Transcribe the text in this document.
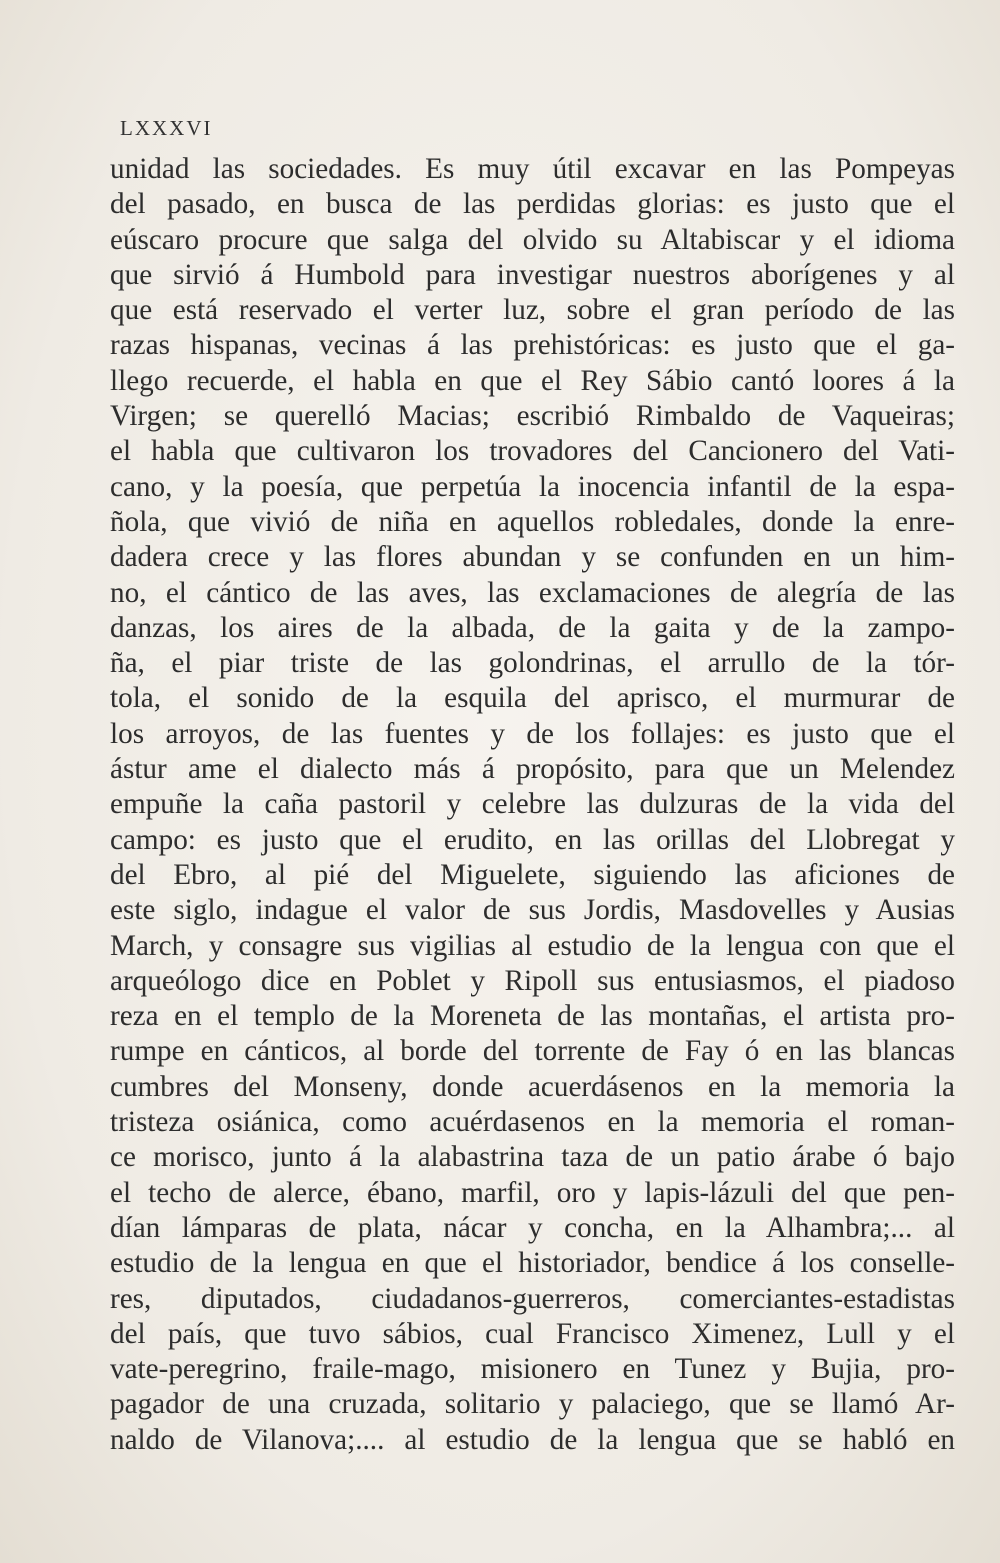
LXXXVI
unidad las sociedades. Es muy útil excavar en las Pompeyas
del pasado, en busca de las perdidas glorias: es justo que el
eúscaro procure que salga del olvido su Altabiscar y el idioma
que sirvió á Humbold para investigar nuestros aborígenes y al
que está reservado el verter luz, sobre el gran período de las
razas hispanas, vecinas á las prehistóricas: es justo que el ga-
llego recuerde, el habla en que el Rey Sábio cantó loores á la
Virgen; se querelló Macias; escribió Rimbaldo de Vaqueiras;
el habla que cultivaron los trovadores del Cancionero del Vati-
cano, y la poesía, que perpetúa la inocencia infantil de la espa-
ñola, que vivió de niña en aquellos robledales, donde la enre-
dadera crece y las flores abundan y se confunden en un him-
no, el cántico de las aves, las exclamaciones de alegría de las
danzas, los aires de la albada, de la gaita y de la zampo-
ña, el piar triste de las golondrinas, el arrullo de la tór-
tola, el sonido de la esquila del aprisco, el murmurar de
los arroyos, de las fuentes y de los follajes: es justo que el
ástur ame el dialecto más á propósito, para que un Melendez
empuñe la caña pastoril y celebre las dulzuras de la vida del
campo: es justo que el erudito, en las orillas del Llobregat y
del Ebro, al pié del Miguelete, siguiendo las aficiones de
este siglo, indague el valor de sus Jordis, Masdovelles y Ausias
March, y consagre sus vigilias al estudio de la lengua con que el
arqueólogo dice en Poblet y Ripoll sus entusiasmos, el piadoso
reza en el templo de la Moreneta de las montañas, el artista pro-
rumpe en cánticos, al borde del torrente de Fay ó en las blancas
cumbres del Monseny, donde acuerdásenos en la memoria la
tristeza osiánica, como acuérdasenos en la memoria el roman-
ce morisco, junto á la alabastrina taza de un patio árabe ó bajo
el techo de alerce, ébano, marfil, oro y lapis-lázuli del que pen-
dían lámparas de plata, nácar y concha, en la Alhambra;... al
estudio de la lengua en que el historiador, bendice á los conselle-
res, diputados, ciudadanos-guerreros, comerciantes-estadistas
del país, que tuvo sábios, cual Francisco Ximenez, Lull y el
vate-peregrino, fraile-mago, misionero en Tunez y Bujia, pro-
pagador de una cruzada, solitario y palaciego, que se llamó Ar-
naldo de Vilanova;.... al estudio de la lengua que se habló en
